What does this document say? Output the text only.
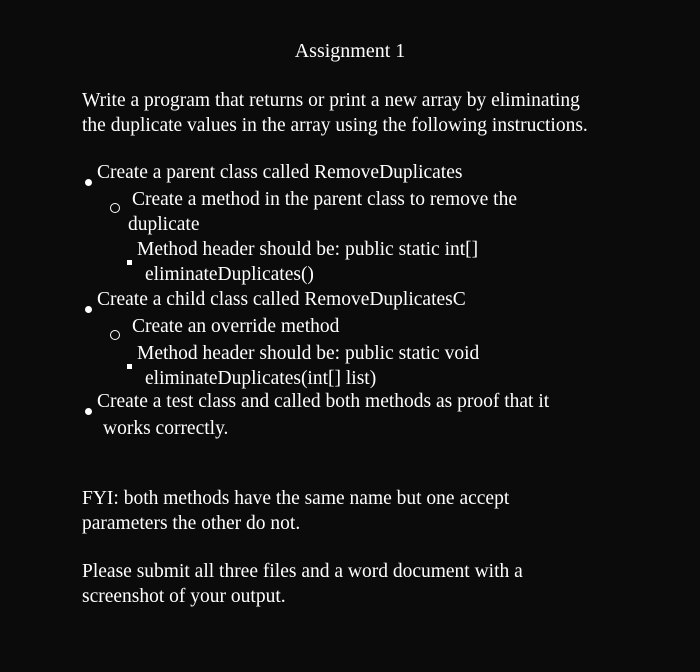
Assignment 1
Write a program that returns or print a new array by eliminating
the duplicate values in the array using the following instructions.
Create a parent class called RemoveDuplicates
Create a method in the parent class to remove the
duplicate
Method header should be: public static int[]
eliminateDuplicates()
Create a child class called RemoveDuplicatesC
Create an override method
Method header should be: public static void
eliminateDuplicates(int[] list)
Create a test class and called both methods as proof that it
works correctly.
FYI: both methods have the same name but one accept
parameters the other do not.
Please submit all three files and a word document with a
screenshot of your output.
